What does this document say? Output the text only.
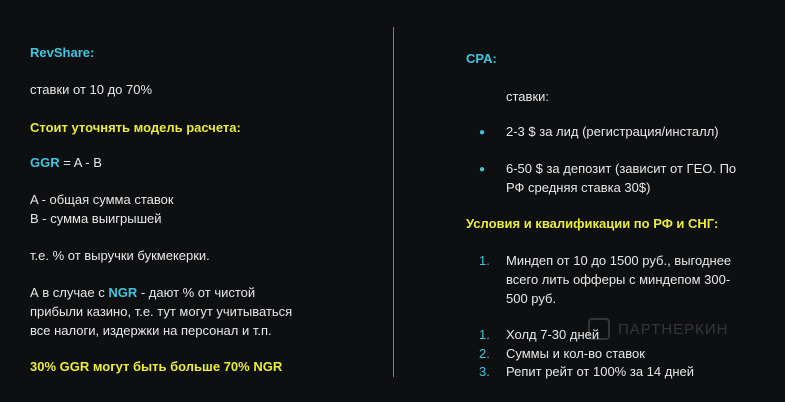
RevShare:
ставки от 10 до 70%
Стоит уточнять модель расчета:
GGR = A - B
A - общая сумма ставок
B - сумма выигрышей
т.е. % от выручки букмекерки.
А в случае с NGR - дают % от чистой
прибыли казино, т.е. тут могут учитываться
все налоги, издержки на персонал и т.п.
30% GGR могут быть больше 70% NGR
CPA:
ставки:
● 2-3 $ за лид (регистрация/инсталл)
● 6-50 $ за депозит (зависит от ГЕО. По
РФ средняя ставка 30$)
Условия и квалификации по РФ и СНГ:
1. Миндеп от 10 до 1500 руб., выгоднее
всего лить офферы с миндепом 300-
500 руб.
1. Холд 7-30 дней
2. Суммы и кол-во ставок
3. Репит рейт от 100% за 14 дней
ПАРТНЕРКИН
